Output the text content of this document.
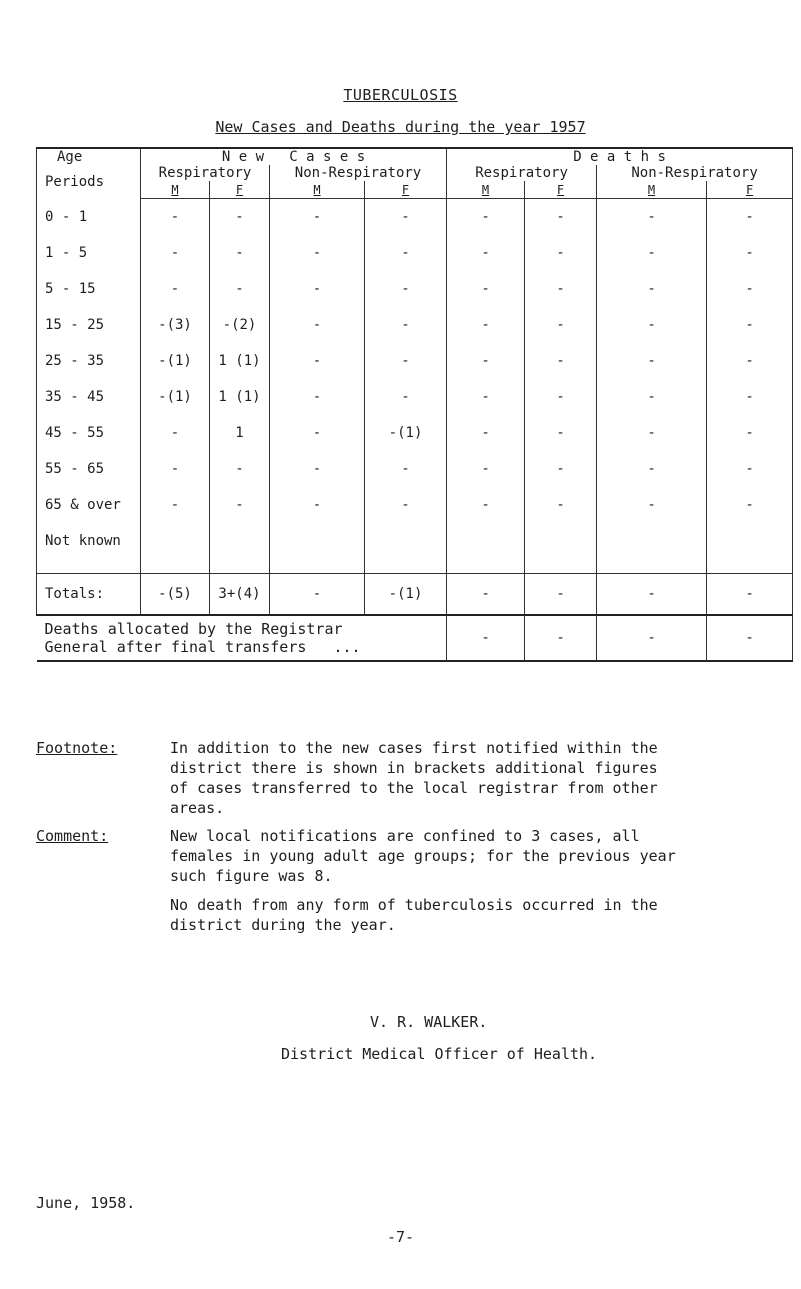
TUBERCULOSIS
New Cases and Deaths during the year 1957
Age	N e w   C a s e s				D e a t h s			
Periods	Respiratory		Non-Respiratory		Respiratory		Non-Respiratory	
	M	F	M	F	M	F	M	F
0 - 1	-	-	-	-	-	-	-	-
1 - 5	-	-	-	-	-	-	-	-
5 - 15	-	-	-	-	-	-	-	-
15 - 25	-(3)	-(2)	-	-	-	-	-	-
25 - 35	-(1)	1 (1)	-	-	-	-	-	-
35 - 45	-(1)	1 (1)	-	-	-	-	-	-
45 - 55	-	1	-	-(1)	-	-	-	-
55 - 65	-	-	-	-	-	-	-	-
65 & over	-	-	-	-	-	-	-	-
Not known								

Totals:	-(5)	3+(4)	-	-(1)	-	-	-	-
Deaths allocated by the Registrar
General after final transfers   ...					-	-	-	-
Footnote:	In addition to the new cases first notified within the
district there is shown in brackets additional figures
of cases transferred to the local registrar from other
areas.
Comment:	New local notifications are confined to 3 cases, all
females in young adult age groups; for the previous year
such figure was 8.
No death from any form of tuberculosis occurred in the
district during the year.
V. R. WALKER.
District Medical Officer of Health.
June, 1958.
-7-
